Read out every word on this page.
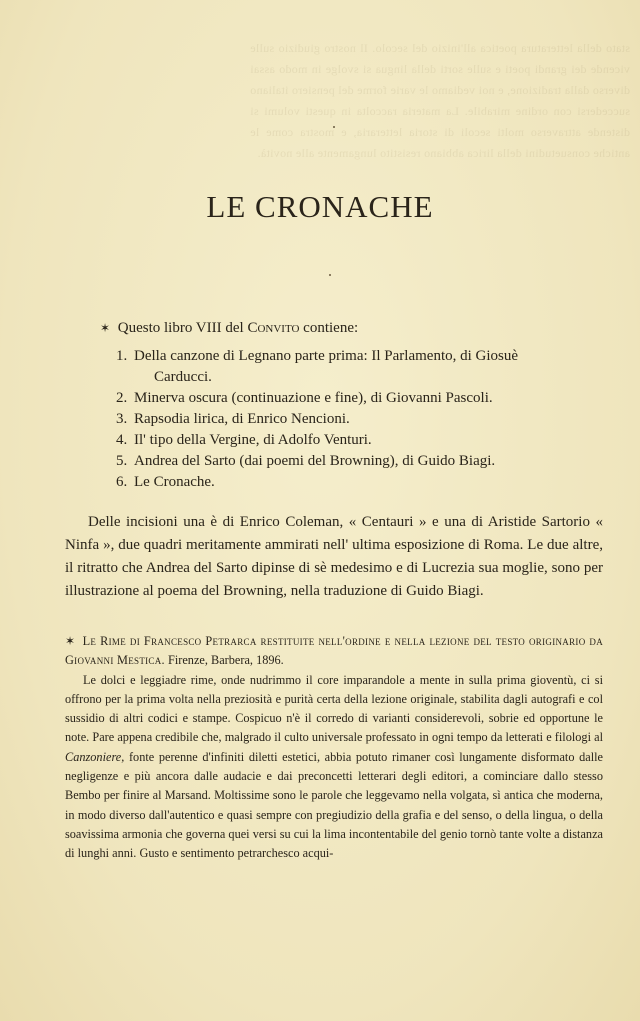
stato della letteratura poetica all'inizio del secolo. Il nostro giudizio sulle vicende dei grandi poeti e sulle sorti della lingua si svolge in modo assai diverso dalla tradizione, e noi vediamo le varie forme del pensiero italiano succedersi con ordine mirabile. La materia raccolta in questi volumi si distende attraverso molti secoli di storia letteraria, e mostra come le antiche consuetudini della lirica abbiano resistito lungamente alle novità.
LE CRONACHE
✶ Questo libro VIII del Convito contiene:
1. Della canzone di Legnano parte prima: Il Parlamento, di Giosuè
Carducci.
2. Minerva oscura (continuazione e fine), di Giovanni Pascoli.
3. Rapsodia lirica, di Enrico Nencioni.
4. Il' tipo della Vergine, di Adolfo Venturi.
5. Andrea del Sarto (dai poemi del Browning), di Guido Biagi.
6. Le Cronache.

Delle incisioni una è di Enrico Coleman, « Centauri » e una di Aristide Sartorio « Ninfa », due quadri meritamente ammirati nell' ultima esposizione di Roma. Le due altre, il ritratto che Andrea del Sarto dipinse di sè medesimo e di Lucrezia sua moglie, sono per illustrazione al poema del Browning, nella traduzione di Guido Biagi.

✶ Le Rime di Francesco Petrarca restituite nell'ordine e nella lezione del testo originario da Giovanni Mestica. Firenze, Barbera, 1896.

Le dolci e leggiadre rime, onde nudrimmo il core imparandole a mente in sulla prima gioventù, ci si offrono per la prima volta nella preziosità e purità certa della lezione originale, stabilita dagli autografi e col sussidio di altri codici e stampe. Cospicuo n'è il corredo di varianti considerevoli, sobrie ed opportune le note. Pare appena credibile che, malgrado il culto universale professato in ogni tempo da letterati e filologi al Canzoniere, fonte perenne d'infiniti diletti estetici, abbia potuto rimaner così lungamente disformato dalle negligenze e più ancora dalle audacie e dai preconcetti letterari degli editori, a cominciare dallo stesso Bembo per finire al Marsand. Moltissime sono le parole che leggevamo nella volgata, sì antica che moderna, in modo diverso dall'autentico e quasi sempre con pregiudizio della grafia e del senso, o della lingua, o della soavissima armonia che governa quei versi su cui la lima incontentabile del genio tornò tante volte a distanza di lunghi anni. Gusto e sentimento petrarchesco acqui-
